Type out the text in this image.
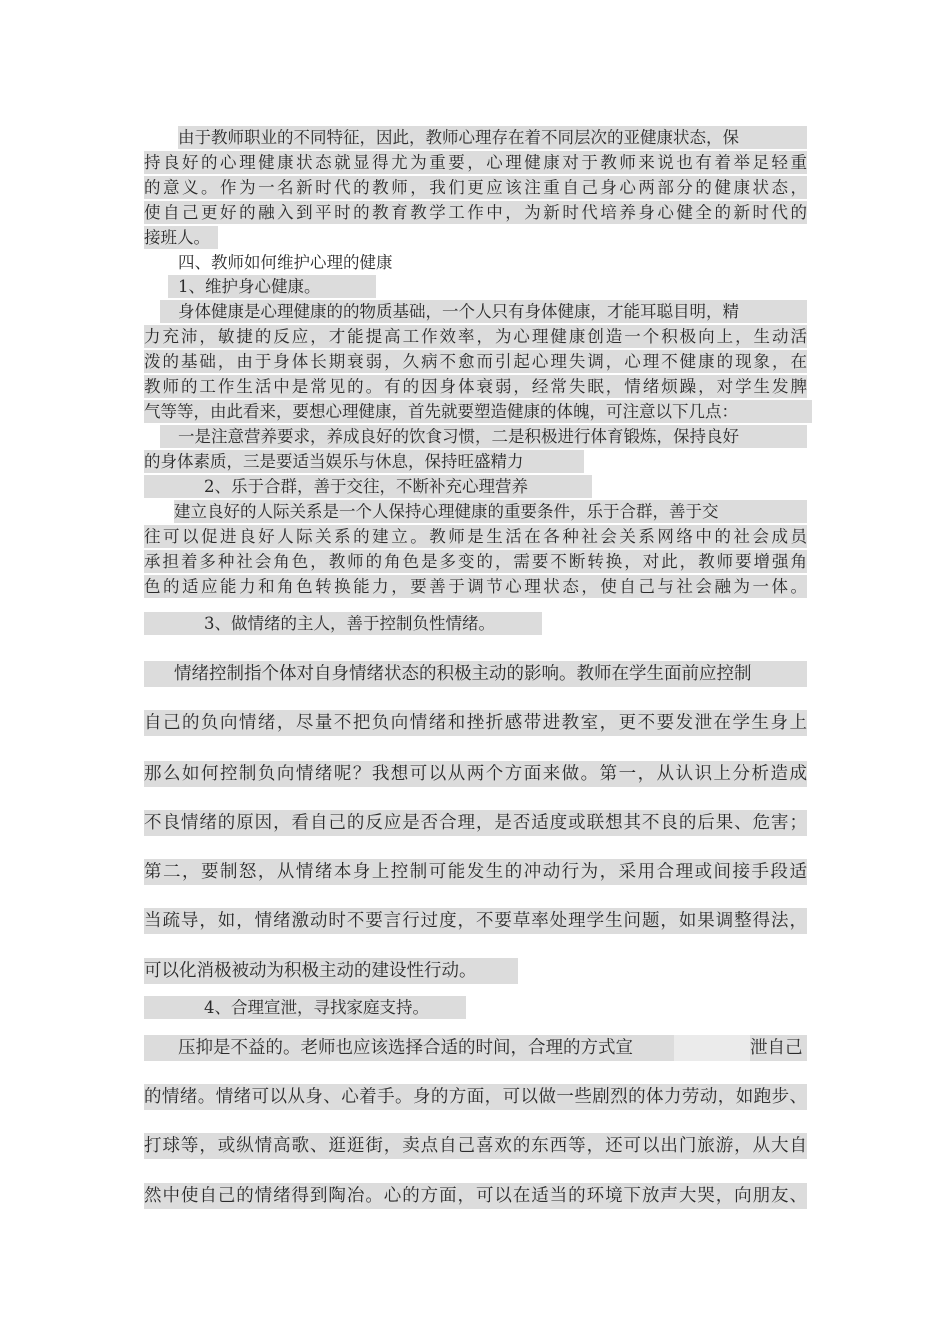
由于教师职业的不同特征，因此，教师心理存在着不同层次的亚健康状态，保
持良好的心理健康状态就显得尤为重要，心理健康对于教师来说也有着举足轻重
的意义。作为一名新时代的教师，我们更应该注重自己身心两部分的健康状态，
使自己更好的融入到平时的教育教学工作中，为新时代培养身心健全的新时代的
接班人。
四、教师如何维护心理的健康
1、维护身心健康。
身体健康是心理健康的的物质基础，一个人只有身体健康，才能耳聪目明，精
力充沛，敏捷的反应，才能提高工作效率，为心理健康创造一个积极向上，生动活
泼的基础，由于身体长期衰弱，久病不愈而引起心理失调，心理不健康的现象，在
教师的工作生活中是常见的。有的因身体衰弱，经常失眠，情绪烦躁，对学生发脾
气等等，由此看来，要想心理健康，首先就要塑造健康的体魄，可注意以下几点：
一是注意营养要求，养成良好的饮食习惯，二是积极进行体育锻炼，保持良好
的身体素质，三是要适当娱乐与休息，保持旺盛精力
2、乐于合群，善于交往，不断补充心理营养
建立良好的人际关系是一个人保持心理健康的重要条件，乐于合群，善于交
往可以促进良好人际关系的建立。教师是生活在各种社会关系网络中的社会成员
承担着多种社会角色，教师的角色是多变的，需要不断转换，对此，教师要增强角
色的适应能力和角色转换能力，要善于调节心理状态，使自己与社会融为一体。
3、做情绪的主人，善于控制负性情绪。
情绪控制指个体对自身情绪状态的积极主动的影响。教师在学生面前应控制
自己的负向情绪，尽量不把负向情绪和挫折感带进教室，更不要发泄在学生身上
那么如何控制负向情绪呢？我想可以从两个方面来做。第一，从认识上分析造成
不良情绪的原因，看自己的反应是否合理，是否适度或联想其不良的后果、危害；
第二，要制怒，从情绪本身上控制可能发生的冲动行为，采用合理或间接手段适
当疏导，如，情绪激动时不要言行过度，不要草率处理学生问题，如果调整得法，
可以化消极被动为积极主动的建设性行动。
4、合理宣泄，寻找家庭支持。
压抑是不益的。老师也应该选择合适的时间，合理的方式宣	泄自己
的情绪。情绪可以从身、心着手。身的方面，可以做一些剧烈的体力劳动，如跑步、
打球等，或纵情高歌、逛逛街，卖点自己喜欢的东西等，还可以出门旅游，从大自
然中使自己的情绪得到陶冶。心的方面，可以在适当的环境下放声大哭，向朋友、
